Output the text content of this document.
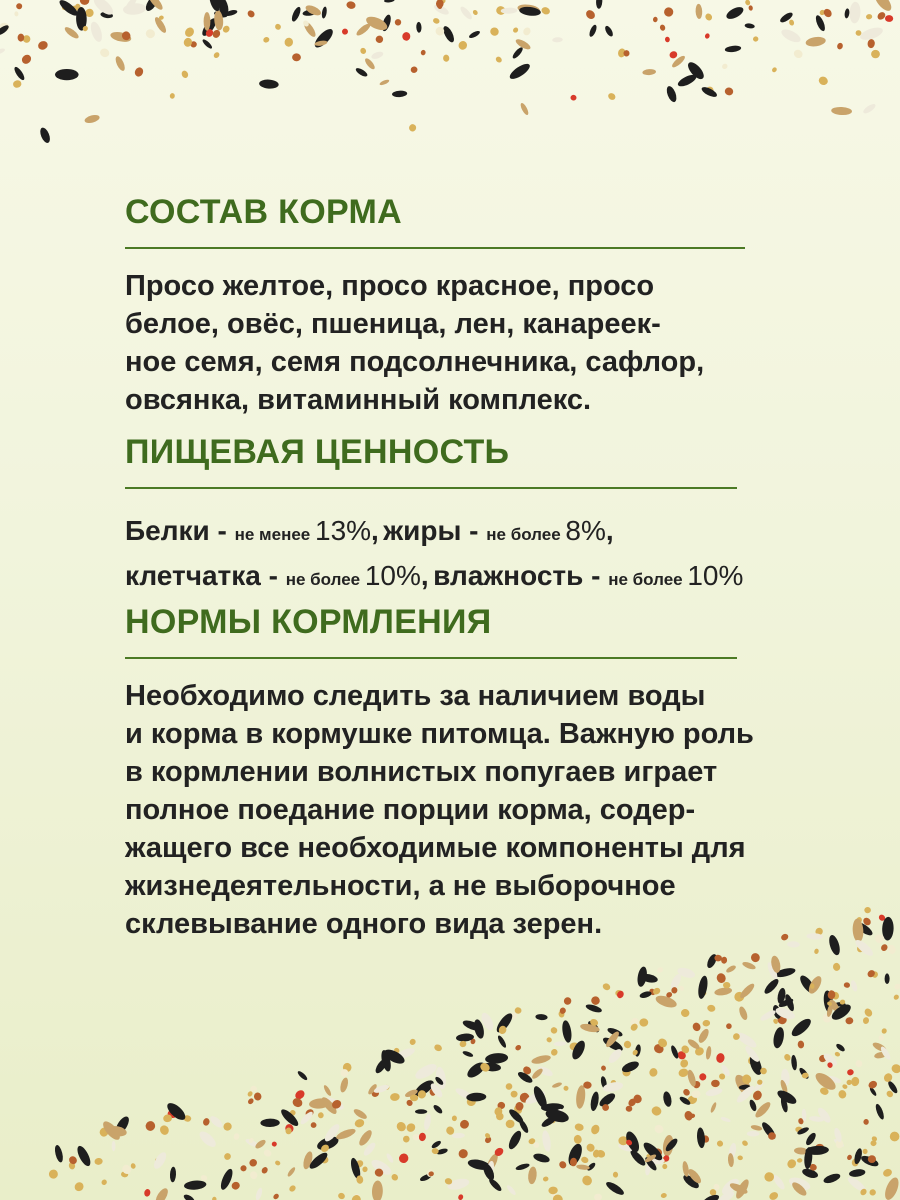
СОСТАВ КОРМА
Просо желтое, просо красное, просо
белое, овёс, пшеница, лен, канареек-
ное семя, семя подсолнечника, сафлор,
овсянка, витаминный комплекс.
ПИЩЕВАЯ ЦЕННОСТЬ
Белки - не менее 13%, жиры - не более 8%,
клетчатка - не более 10%, влажность - не более 10%
НОРМЫ КОРМЛЕНИЯ
Необходимо следить за наличием воды
и корма в кормушке питомца. Важную роль
в кормлении волнистых попугаев играет
полное поедание порции корма, содер-
жащего все необходимые компоненты для
жизнедеятельности, а не выборочное
склевывание одного вида зерен.
